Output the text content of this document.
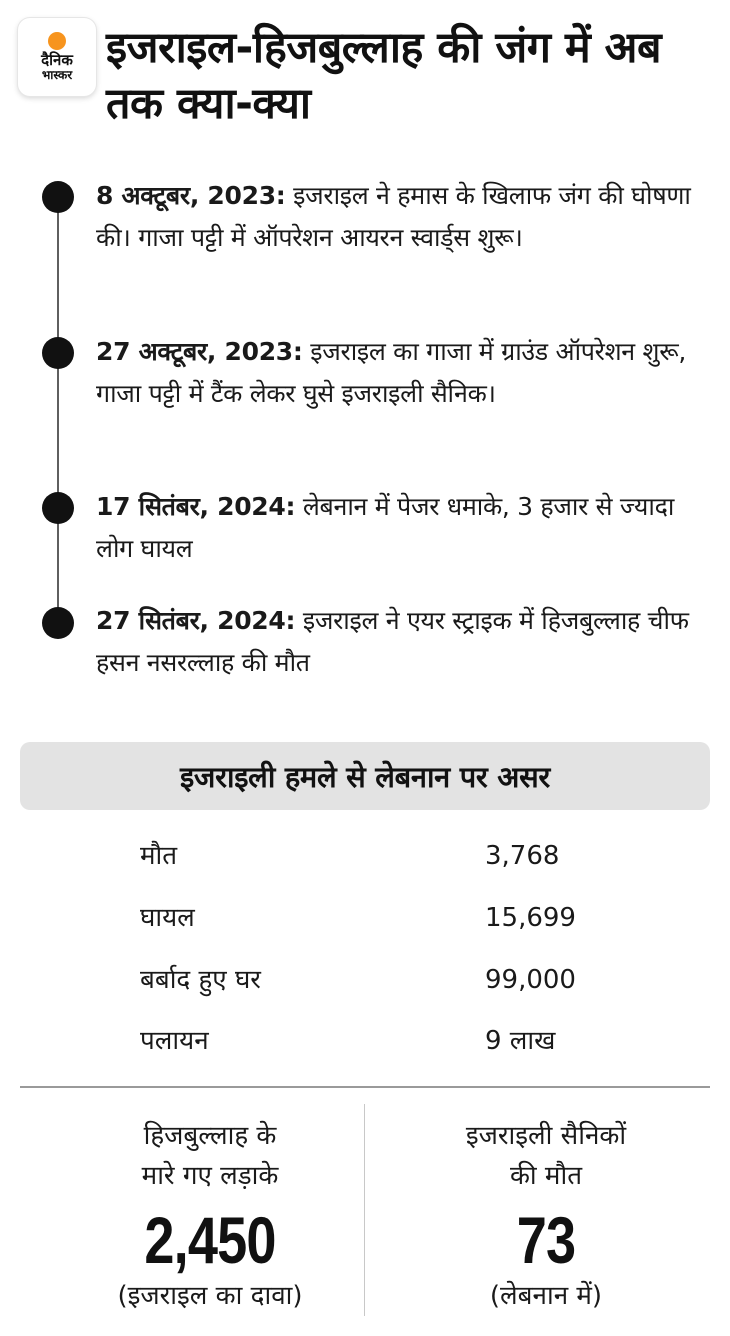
दैनिक
भास्कर
इजराइल-हिजबुल्लाह की जंग में अब तक क्या-क्या

8 अक्टूबर, 2023: इजराइल ने हमास के खिलाफ जंग की घोषणा की। गाजा पट्टी में ऑपरेशन आयरन स्वार्ड्स शुरू।

27 अक्टूबर, 2023: इजराइल का गाजा में ग्राउंड ऑपरेशन शुरू, गाजा पट्टी में टैंक लेकर घुसे इजराइली सैनिक।

17 सितंबर, 2024: लेबनान में पेजर धमाके, 3 हजार से ज्यादा लोग घायल

27 सितंबर, 2024: इजराइल ने एयर स्ट्राइक में हिजबुल्लाह चीफ हसन नसरल्लाह की मौत

इजराइली हमले से लेबनान पर असर
मौत	3,768
घायल	15,699
बर्बाद हुए घर	99,000
पलायन	9 लाख
हिजबुल्लाह के
मारे गए लड़ाके
2,450
(इजराइल का दावा)
इजराइली सैनिकों
की मौत
73
(लेबनान में)
